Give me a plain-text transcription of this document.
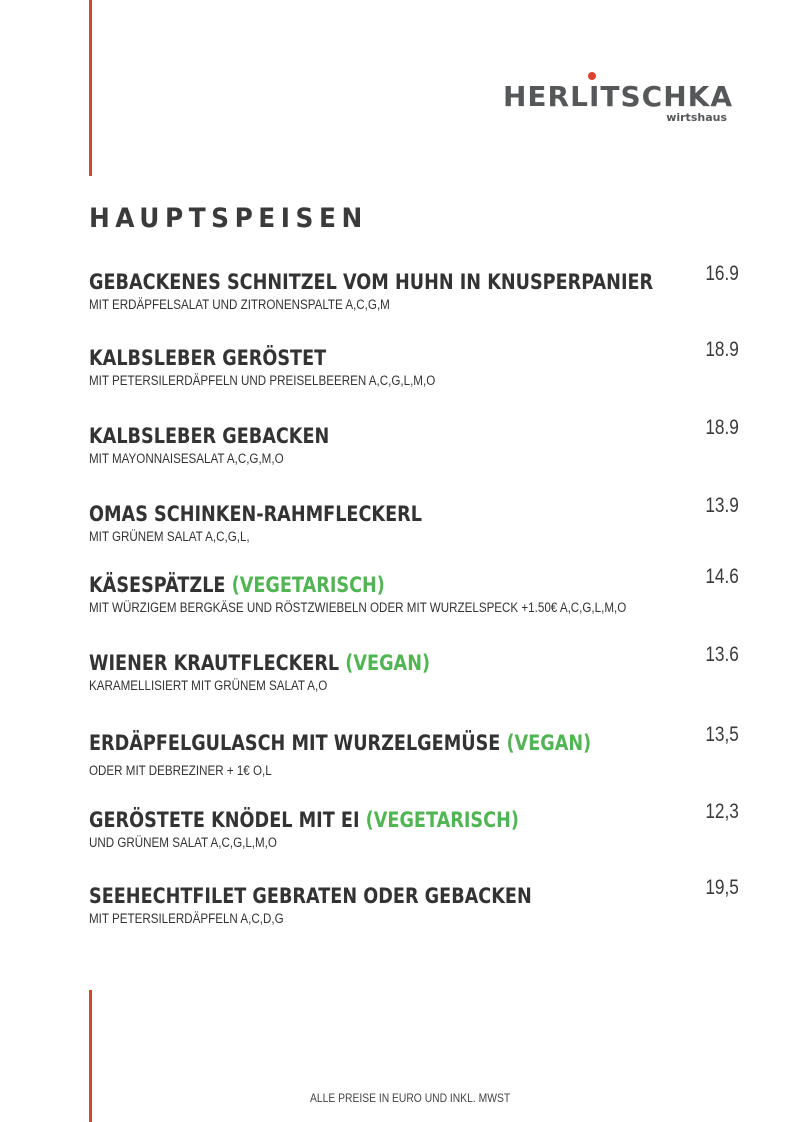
HERLITSCHKA
wirtshaus
HAUPTSPEISEN
GEBACKENES SCHNITZEL VOM HUHN IN KNUSPERPANIER
MIT ERDÄPFELSALAT UND ZITRONENSPALTE A,C,G,M
16.9
KALBSLEBER GERÖSTET
MIT PETERSILERDÄPFELN UND PREISELBEEREN A,C,G,L,M,O
18.9
KALBSLEBER GEBACKEN
MIT MAYONNAISESALAT A,C,G,M,O
18.9
OMAS SCHINKEN-RAHMFLECKERL
MIT GRÜNEM SALAT A,C,G,L,
13.9
KÄSESPÄTZLE (VEGETARISCH)
MIT WÜRZIGEM BERGKÄSE UND RÖSTZWIEBELN ODER MIT WURZELSPECK +1.50€ A,C,G,L,M,O
14.6
WIENER KRAUTFLECKERL (VEGAN)
KARAMELLISIERT MIT GRÜNEM SALAT A,O
13.6
ERDÄPFELGULASCH MIT WURZELGEMÜSE (VEGAN)
ODER MIT DEBREZINER + 1€ O,L
13,5
GERÖSTETE KNÖDEL MIT EI (VEGETARISCH)
UND GRÜNEM SALAT A,C,G,L,M,O
12,3
SEEHECHTFILET GEBRATEN ODER GEBACKEN
MIT PETERSILERDÄPFELN A,C,D,G
19,5
ALLE PREISE IN EURO UND INKL. MWST
